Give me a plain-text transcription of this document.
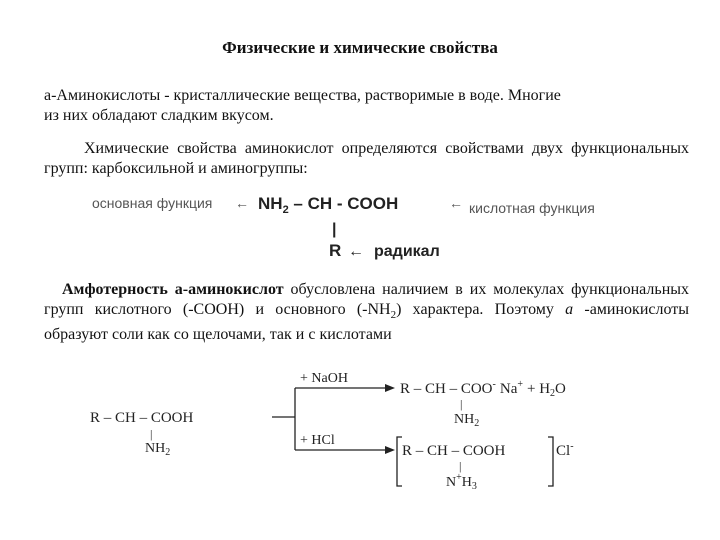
Физические и химические свойства
а-Аминокислоты - кристаллические вещества, растворимые в воде. Многие
из них обладают сладким вкусом.
Химические свойства аминокислот определяются свойствами двух функциональных групп: карбоксильной и аминогруппы:
основная функция ← $NH_2$ – CH - COOH	← кислотная функция
|
R ← радикал
Амфотерность а-аминокислот обусловлена наличием в их молекулах функциональных групп кислотного (-СООН) и основного $(-NH_2)$ характера. Поэтому а -аминокислоты образуют соли как со щелочами, так и с кислотами
R – CH – COOH
|
$NH_2$
+ NaOH
+ HCl
R – CH – COO- $Na^+ + H_2O$
|
$NH_2$
R – CH – COOH	Cl-
|
$N^+H_3$
